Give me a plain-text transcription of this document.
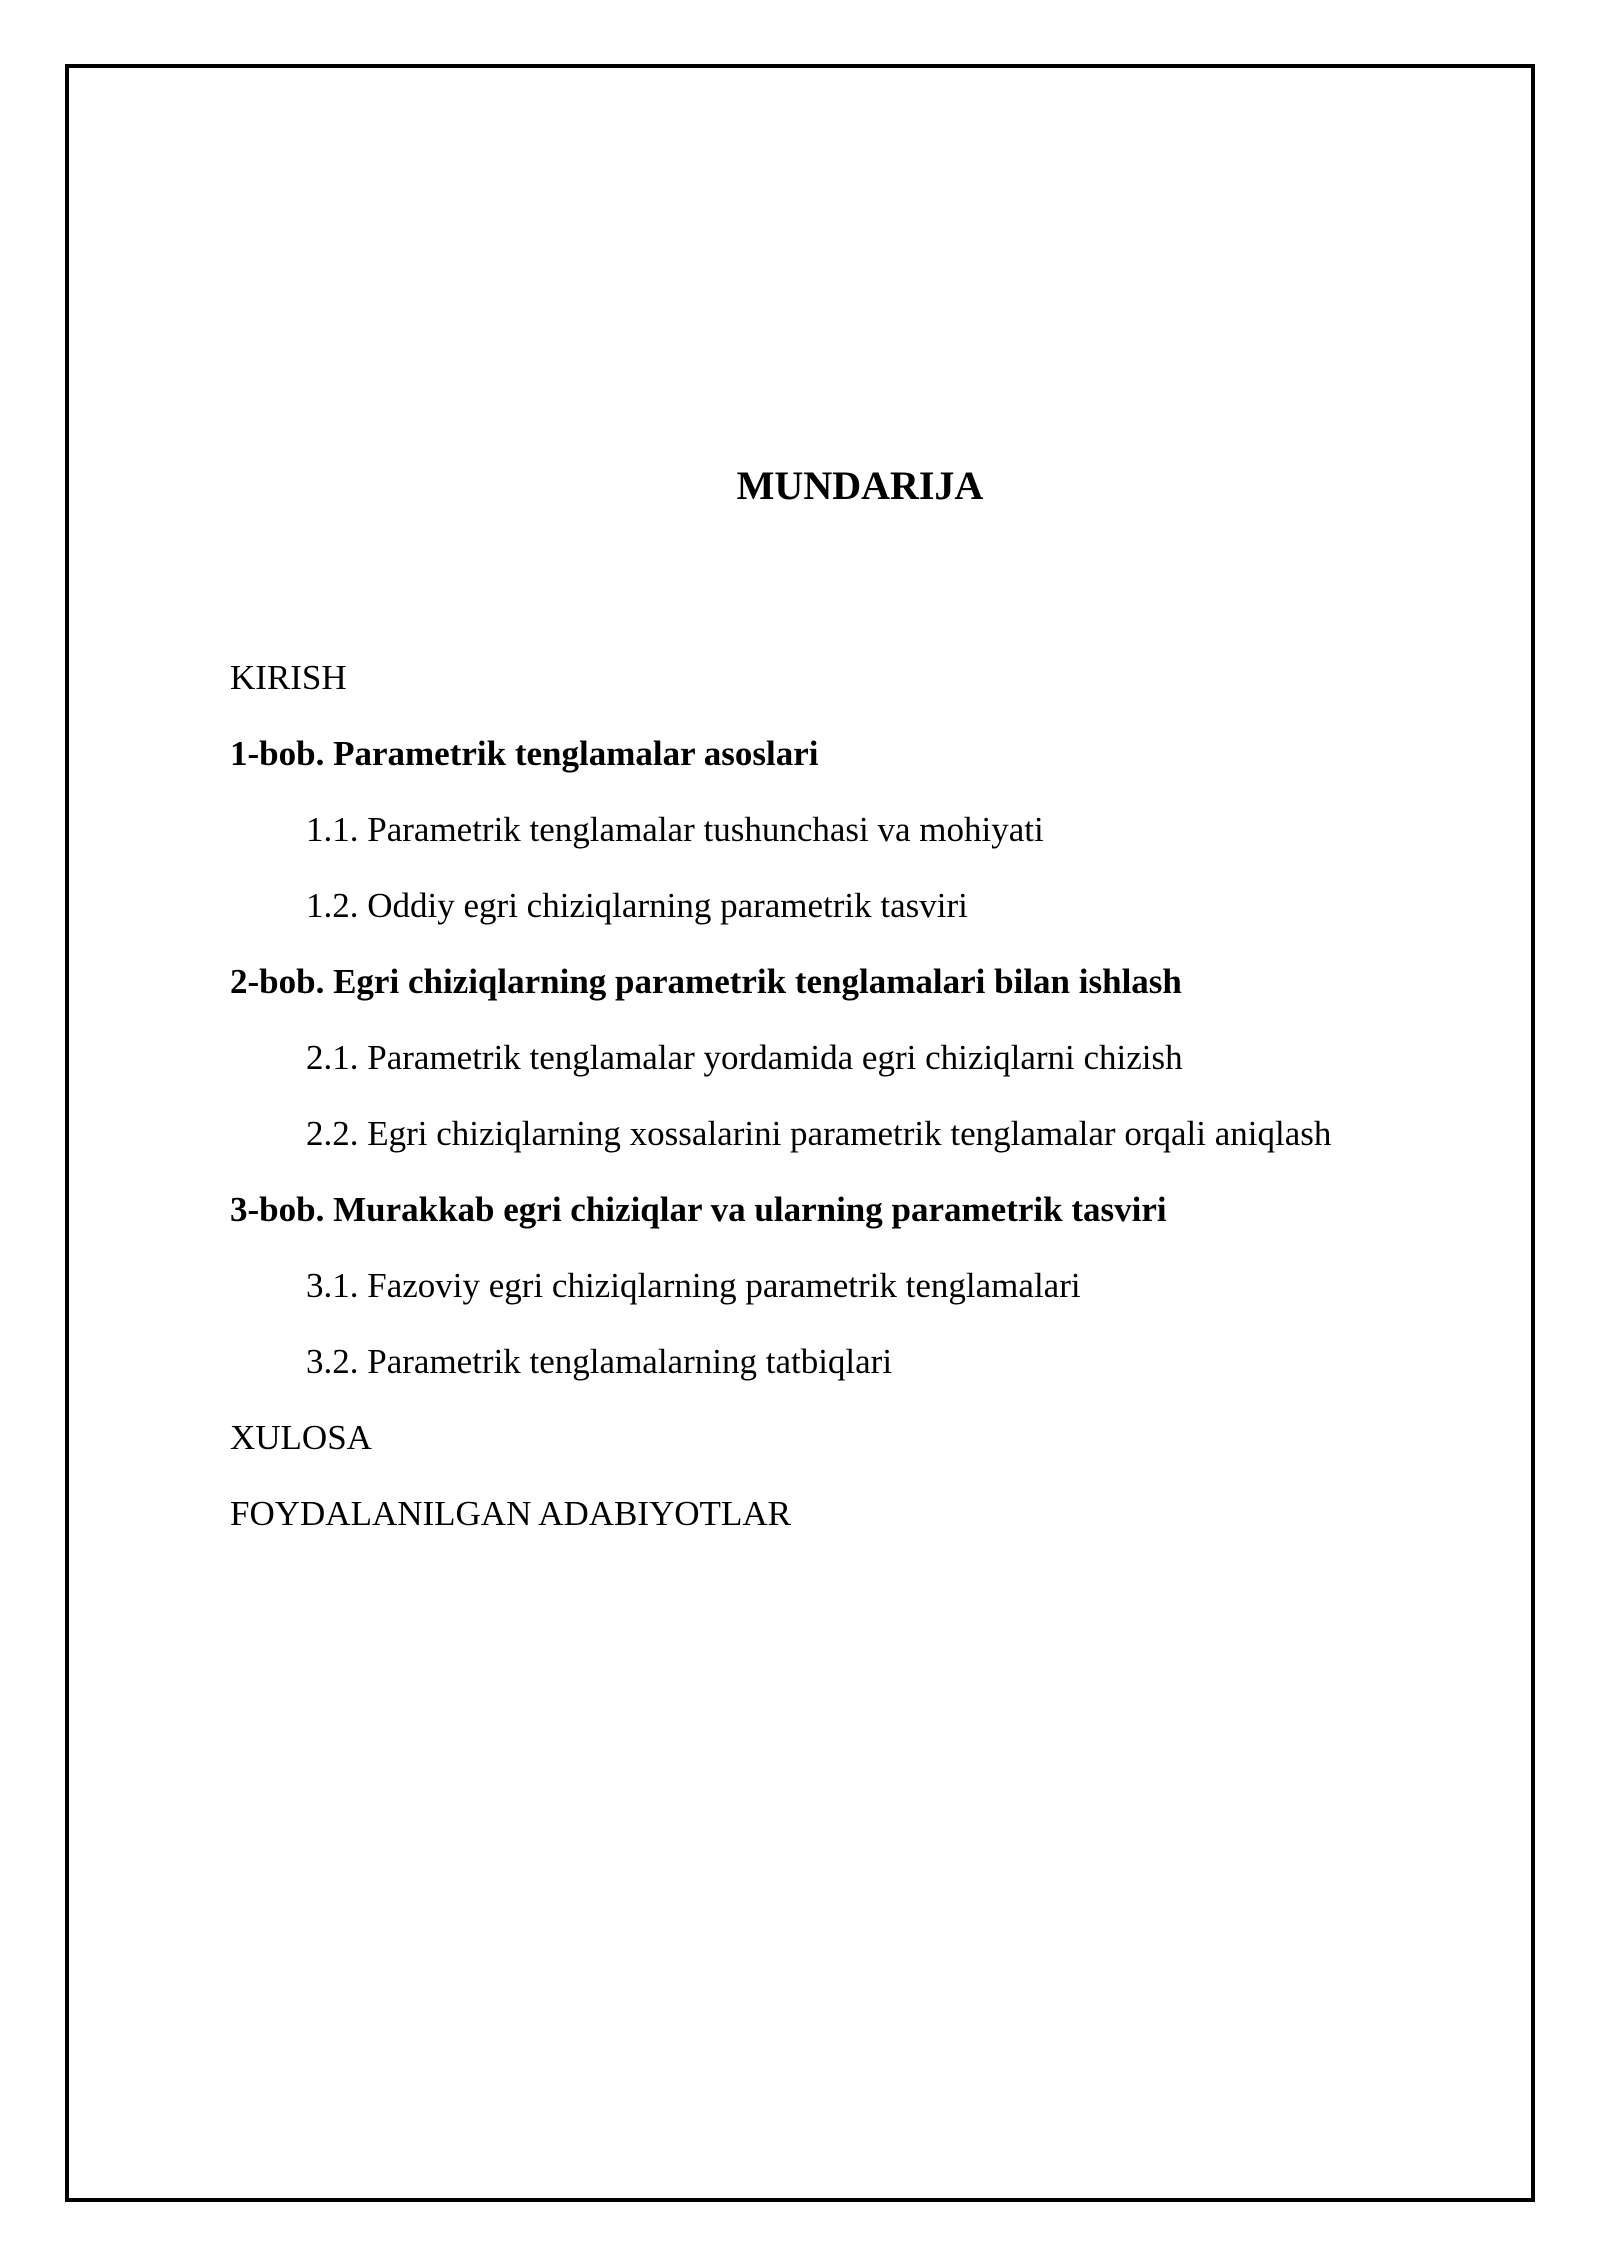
MUNDARIJA
KIRISH
1-bob. Parametrik tenglamalar asoslari
1.1. Parametrik tenglamalar tushunchasi va mohiyati
1.2. Oddiy egri chiziqlarning parametrik tasviri
2-bob. Egri chiziqlarning parametrik tenglamalari bilan ishlash
2.1. Parametrik tenglamalar yordamida egri chiziqlarni chizish
2.2. Egri chiziqlarning xossalarini parametrik tenglamalar orqali aniqlash
3-bob. Murakkab egri chiziqlar va ularning parametrik tasviri
3.1. Fazoviy egri chiziqlarning parametrik tenglamalari
3.2. Parametrik tenglamalarning tatbiqlari
XULOSA
FOYDALANILGAN ADABIYOTLAR
